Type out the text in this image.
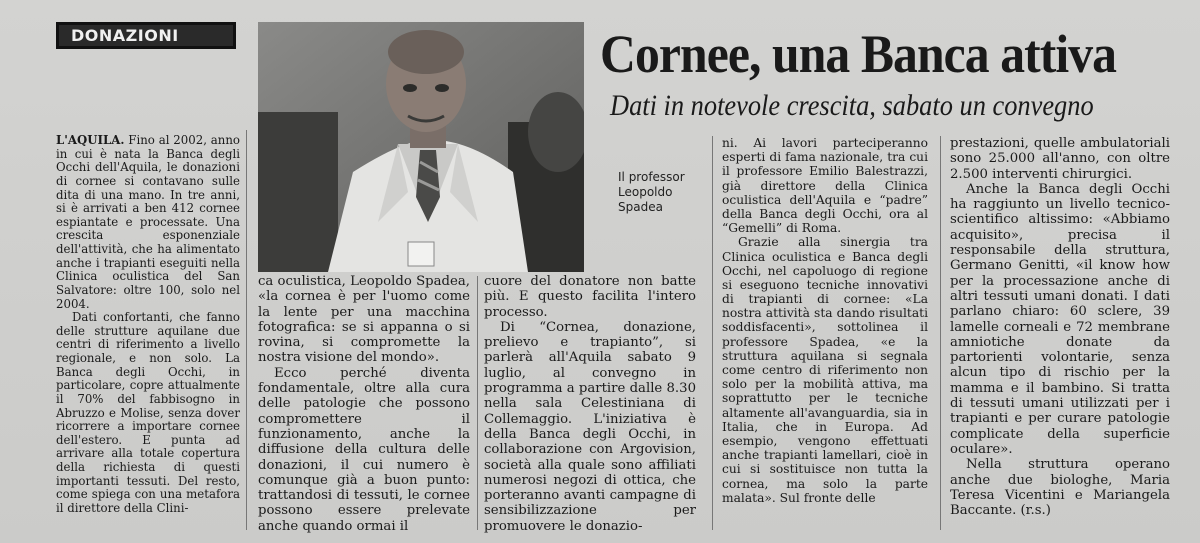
DONAZIONI	Cornee, una Banca attiva
Dati in notevole crescita, sabato un convegno
Il professor
Leopoldo
Spadea

L'AQUILA. Fino al 2002, anno in cui è nata la Banca degli Occhi dell'Aquila, le donazioni di cornee si contavano sulle dita di una mano. In tre anni, si è arrivati a ben 412 cornee espiantate e processate. Una crescita esponenziale dell'attività, che ha alimentato anche i trapianti eseguiti nella Clinica oculistica del San Salvatore: oltre 100, solo nel 2004.

Dati confortanti, che fanno delle strutture aquilane due centri di riferimento a livello regionale, e non solo. La Banca degli Occhi, in particolare, copre attualmente il 70% del fabbisogno in Abruzzo e Molise, senza dover ricorrere a importare cornee dell'estero. E punta ad arrivare alla totale copertura della richiesta di questi importanti tessuti. Del resto, come spiega con una metafora il direttore della Clini-

ca oculistica, Leopoldo Spadea, «la cornea è per l'uomo come la lente per una macchina fotografica: se si appanna o si rovina, si compromette la nostra visione del mondo».

Ecco perché diventa fondamentale, oltre alla cura delle patologie che possono compromettere il funzionamento, anche la diffusione della cultura delle donazioni, il cui numero è comunque già a buon punto: trattandosi di tessuti, le cornee possono essere prelevate anche quando ormai il

cuore del donatore non batte più. E questo facilita l'intero processo.

Di “Cornea, donazione, prelievo e trapianto”, si parlerà all'Aquila sabato 9 luglio, al convegno in programma a partire dalle 8.30 nella sala Celestiniana di Collemaggio. L'iniziativa è della Banca degli Occhi, in collaborazione con Argovision, società alla quale sono affiliati numerosi negozi di ottica, che porteranno avanti campagne di sensibilizzazione per promuovere le donazio-

ni. Ai lavori parteciperanno esperti di fama nazionale, tra cui il professore Emilio Balestrazzi, già direttore della Clinica oculistica dell'Aquila e “padre” della Banca degli Occhi, ora al “Gemelli” di Roma.

Grazie alla sinergia tra Clinica oculistica e Banca degli Occhi, nel capoluogo di regione si eseguono tecniche innovativi di trapianti di cornee: «La nostra attività sta dando risultati soddisfacenti», sottolinea il professore Spadea, «e la struttura aquilana si segnala come centro di riferimento non solo per la mobilità attiva, ma soprattutto per le tecniche altamente all'avanguardia, sia in Italia, che in Europa. Ad esempio, vengono effettuati anche trapianti lamellari, cioè in cui si sostituisce non tutta la cornea, ma solo la parte malata». Sul fronte delle

prestazioni, quelle ambulatoriali sono 25.000 all'anno, con oltre 2.500 interventi chirurgici.

Anche la Banca degli Occhi ha raggiunto un livello tecnico-scientifico altissimo: «Abbiamo acquisito», precisa il responsabile della struttura, Germano Genitti, «il know how per la processazione anche di altri tessuti umani donati. I dati parlano chiaro: 60 sclere, 39 lamelle corneali e 72 membrane amniotiche donate da partorienti volontarie, senza alcun tipo di rischio per la mamma e il bambino. Si tratta di tessuti umani utilizzati per i trapianti e per curare patologie complicate della superficie oculare».

Nella struttura operano anche due biologhe, Maria Teresa Vicentini e Mariangela Baccante. (r.s.)
